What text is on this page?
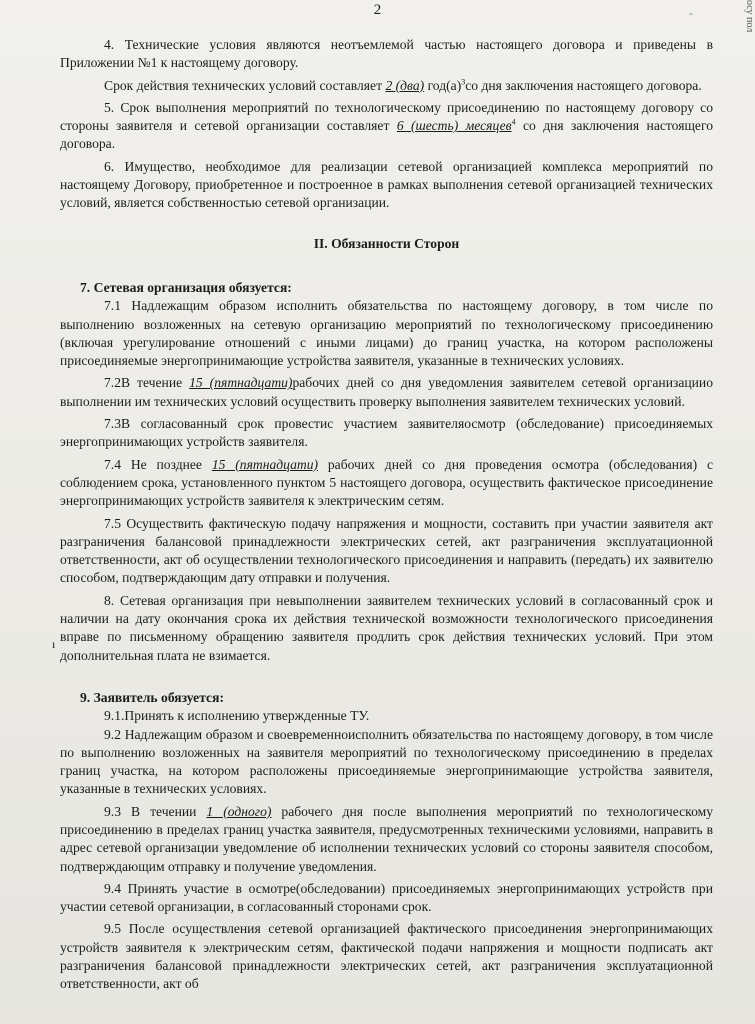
2	осу пол
-
ı

4. Технические условия являются неотъемлемой частью настоящего договора и приведены в Приложении №1 к настоящему договору.

Срок действия технических условий составляет 2 (два) $год(а)^3со$ дня заключения настоящего договора.

5. Срок выполнения мероприятий по технологическому присоединению по настоящему договору со стороны заявителя и сетевой организации составляет 6 (шесть) месяцев$^4$ со дня заключения настоящего договора.

6. Имущество, необходимое для реализации сетевой организацией комплекса мероприятий по настоящему Договору, приобретенное и построенное в рамках выполнения сетевой организацией технических условий, является собственностью сетевой организации.

II. Обязанности Сторон

7. Сетевая организация обязуется:

7.1 Надлежащим образом исполнить обязательства по настоящему договору, в том числе по выполнению возложенных на сетевую организацию мероприятий по технологическому присоединению (включая урегулирование отношений с иными лицами) до границ участка, на котором расположены присоединяемые энергопринимающие устройства заявителя, указанные в технических условиях.

7.2В течение 15 (пятнадцати)рабочих дней со дня уведомления заявителем сетевой организациио выполнении им технических условий осуществить проверку выполнения заявителем технических условий.

7.3В согласованный срок провестис участием заявителяосмотр (обследование) присоединяемых энергопринимающих устройств заявителя.

7.4 Не позднее 15 (пятнадцати) рабочих дней со дня проведения осмотра (обследования) с соблюдением срока, установленного пунктом 5 настоящего договора, осуществить фактическое присоединение энергопринимающих устройств заявителя к электрическим сетям.

7.5 Осуществить фактическую подачу напряжения и мощности, составить при участии заявителя акт разграничения балансовой принадлежности электрических сетей, акт разграничения эксплуатационной ответственности, акт об осуществлении технологического присоединения и направить (передать) их заявителю способом, подтверждающим дату отправки и получения.

8. Сетевая организация при невыполнении заявителем технических условий в согласованный срок и наличии на дату окончания срока их действия технической возможности технологического присоединения вправе по письменному обращению заявителя продлить срок действия технических условий. При этом дополнительная плата не взимается.

9. Заявитель обязуется:

9.1.Принять к исполнению утвержденные ТУ.

9.2 Надлежащим образом и своевременноисполнить обязательства по настоящему договору, в том числе по выполнению возложенных на заявителя мероприятий по технологическому присоединению в пределах границ участка, на котором расположены присоединяемые энергопринимающие устройства заявителя, указанные в технических условиях.

9.3 В течении 1 (одного) рабочего дня после выполнения мероприятий по технологическому присоединению в пределах границ участка заявителя, предусмотренных техническими условиями, направить в адрес сетевой организации уведомление об исполнении технических условий со стороны заявителя способом, подтверждающим отправку и получение уведомления.

9.4 Принять участие в осмотре(обследовании) присоединяемых энергопринимающих устройств при участии сетевой организации, в согласованный сторонами срок.

9.5 После осуществления сетевой организацией фактического присоединения энергопринимающих устройств заявителя к электрическим сетям, фактической подачи напряжения и мощности подписать акт разграничения балансовой принадлежности электрических сетей, акт разграничения эксплуатационной ответственности, акт об
